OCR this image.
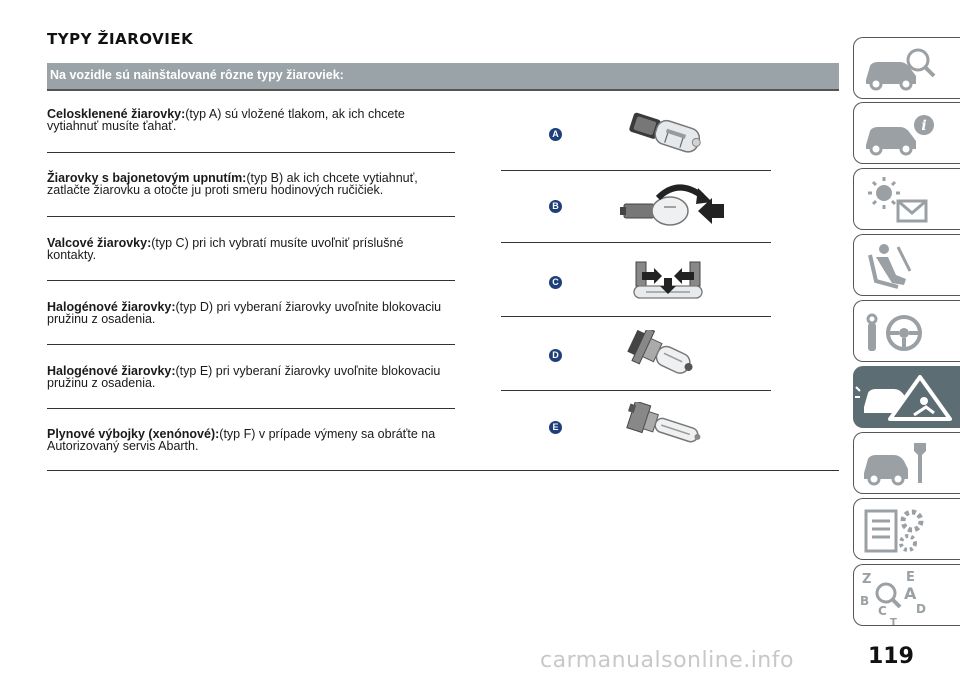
TYPY ŽIAROVIEK
Na vozidle sú nainštalované rôzne typy žiaroviek:
Celosklenené žiarovky:(typ A) sú vložené tlakom, ak ich chcete
vytiahnuť musíte ťahať.
Žiarovky s bajonetovým upnutím:(typ B) ak ich chcete vytiahnuť,
zatlačte žiarovku a otočte ju proti smeru hodinových ručičiek.
Valcové žiarovky:(typ C) pri ich vybratí musíte uvoľniť príslušné
kontakty.
Halogénové žiarovky:(typ D) pri vyberaní žiarovky uvoľnite blokovaciu
pružinu z osadenia.
Halogénové žiarovky:(typ E) pri vyberaní žiarovky uvoľnite blokovaciu
pružinu z osadenia.
Plynové výbojky (xenónové):(typ F) v prípade výmeny sa obráťte na
Autorizovaný servis Abarth.
A
B
C
D
E
i
Z	E
B A
D
C
T
carmanualsonline.info	119
